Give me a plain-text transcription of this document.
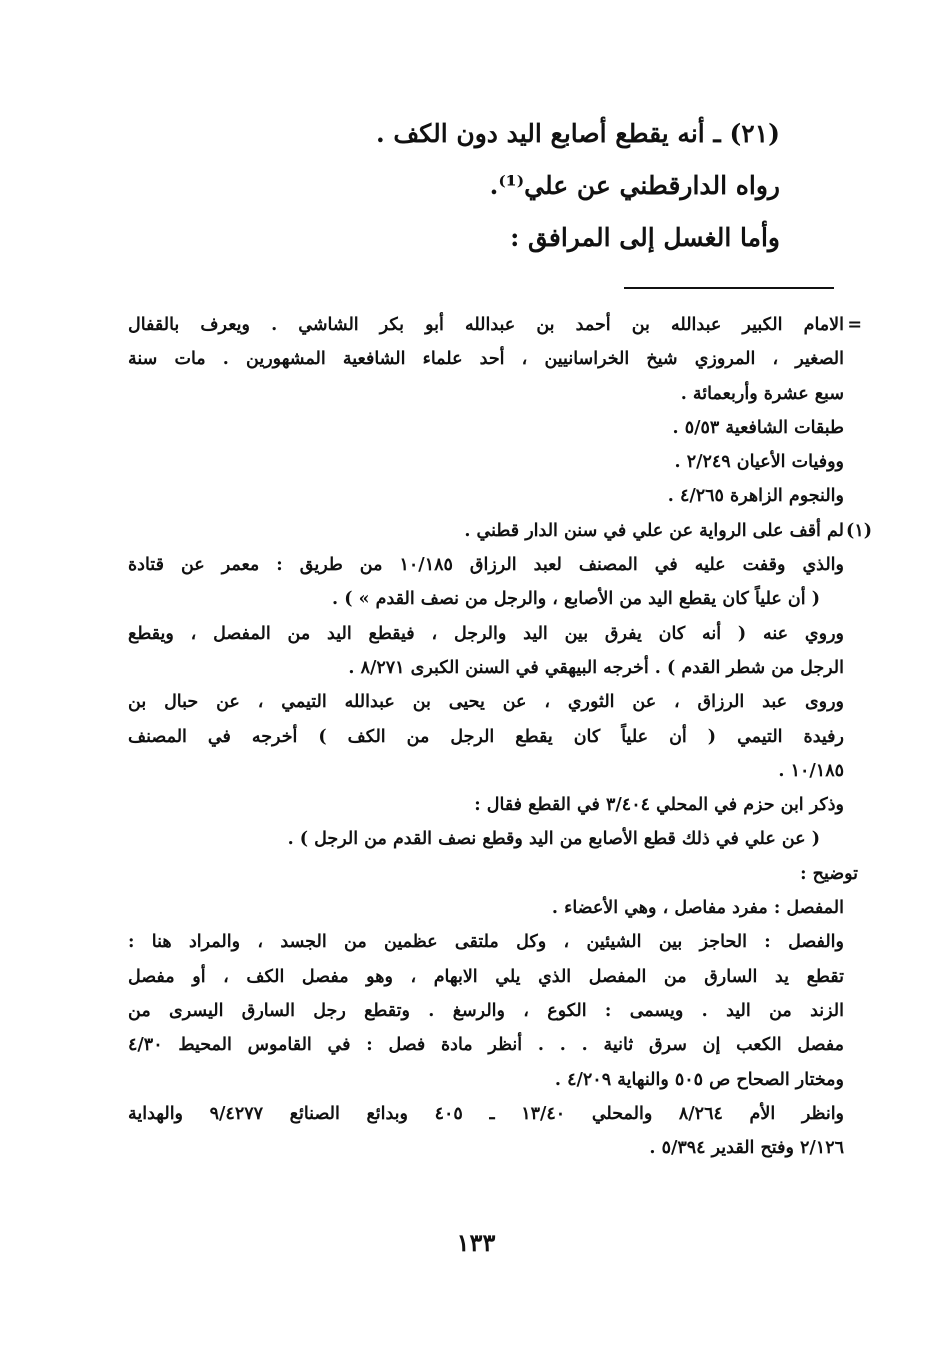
(٢١) ـ أنه يقطع أصابع اليد دون الكف .

رواه الدارقطني عن علي⁽¹⁾.

وأما الغسل إلى المرافق :

=
الامام الكبير عبدالله بن أحمد بن عبدالله أبو بكر الشاشي . ويعرف بالقفال

الصغير ، المروزي شيخ الخراسانيين ، أحد علماء الشافعية المشهورين . مات سنة

سبع عشرة وأربعمائة .

طبقات الشافعية ٥/٥٣ .

ووفيات الأعيان ٢/٢٤٩ .

والنجوم الزاهرة ٤/٢٦٥ .

(١)
لم أقف على الرواية عن علي في سنن الدار قطني .

والذي وقفت عليه في المصنف لعبد الرزاق ١٠/١٨٥ من طريق : معمر عن قتادة

( أن علياً كان يقطع اليد من الأصابع ، والرجل من نصف القدم » ) .

وروي عنه ( أنه كان يفرق بين اليد والرجل ، فيقطع اليد من المفصل ، ويقطع

الرجل من شطر القدم ) . أخرجه البيهقي في السنن الكبرى ٨/٢٧١ .

وروى عبد الرزاق ، عن الثوري ، عن يحيى بن عبدالله التيمي ، عن حبال بن

رفيدة التيمي ( أن علياً كان يقطع الرجل من الكف ) أخرجه في المصنف

١٠/١٨٥ .

وذكر ابن حزم في المحلي ٣/٤٠٤ في القطع فقال :

( عن علي في ذلك قطع الأصابع من اليد وقطع نصف القدم من الرجل ) .

توضيح :

المفصل : مفرد مفاصل ، وهي الأعضاء .

والفصل : الحاجز بين الشيئين ، وكل ملتقى عظمين من الجسد ، والمراد هنا :

تقطع يد السارق من المفصل الذي يلي الابهام ، وهو مفصل الكف ، أو مفصل

الزند من اليد . ويسمى : الكوع ، والرسغ . وتقطع رجل السارق اليسرى من

مفصل الكعب إن سرق ثانية . . . أنظر مادة فصل : في القاموس المحيط ٤/٣٠

ومختار الصحاح ص ٥٠٥ والنهاية ٤/٢٠٩ .

وانظر الأم ٨/٢٦٤ والمحلي ١٣/٤٠ ـ ٤٠٥ وبدائع الصنائع ٩/٤٢٧٧ والهداية

٢/١٢٦ وفتح القدير ٥/٣٩٤ .

١٣٣
